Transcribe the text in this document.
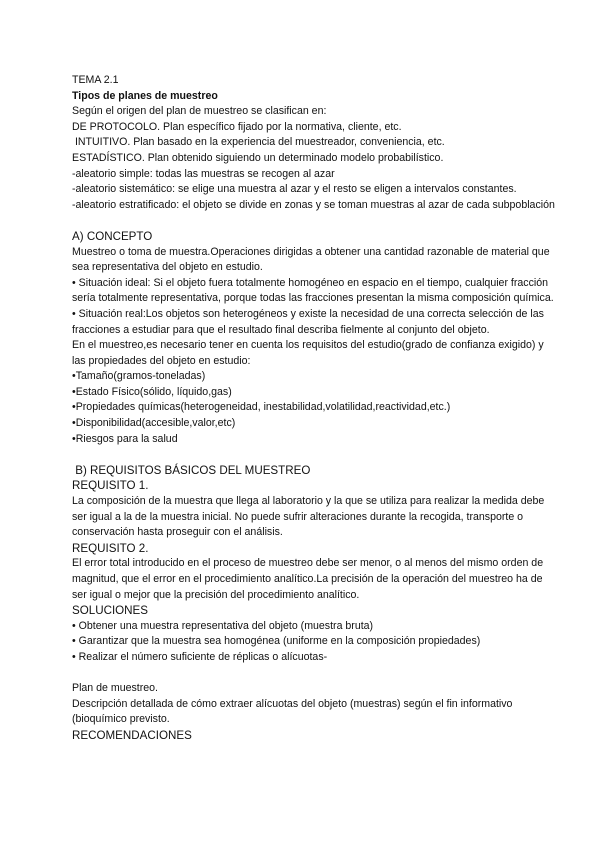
TEMA 2.1
Tipos de planes de muestreo
Según el origen del plan de muestreo se clasifican en:
DE PROTOCOLO. Plan específico fijado por la normativa, cliente, etc.
INTUITIVO. Plan basado en la experiencia del muestreador, conveniencia, etc.
ESTADÍSTICO. Plan obtenido siguiendo un determinado modelo probabilístico.
-aleatorio simple: todas las muestras se recogen al azar
-aleatorio sistemático: se elige una muestra al azar y el resto se eligen a intervalos constantes.
-aleatorio estratificado: el objeto se divide en zonas y se toman muestras al azar de cada subpoblación
A) CONCEPTO
Muestreo o toma de muestra.Operaciones dirigidas a obtener una cantidad razonable de material que sea representativa del objeto en estudio.
• Situación ideal: Si el objeto fuera totalmente homogéneo en espacio en el tiempo, cualquier fracción sería totalmente representativa, porque todas las fracciones presentan la misma composición química.
• Situación real:Los objetos son heterogéneos y existe la necesidad de una correcta selección de las fracciones a estudiar para que el resultado final describa fielmente al conjunto del objeto.
En el muestreo,es necesario tener en cuenta los requisitos del estudio(grado de confianza exigido) y las propiedades del objeto en estudio:
•Tamaño(gramos-toneladas)
•Estado Físico(sólido, líquido,gas)
•Propiedades químicas(heterogeneidad, inestabilidad,volatilidad,reactividad,etc.)
•Disponibilidad(accesible,valor,etc)
•Riesgos para la salud
B) REQUISITOS BÁSICOS DEL MUESTREO
REQUISITO 1.
La composición de la muestra que llega al laboratorio y la que se utiliza para realizar la medida debe ser igual a la de la muestra inicial. No puede sufrir alteraciones durante la recogida, transporte o conservación hasta proseguir con el análisis.
REQUISITO 2.
El error total introducido en el proceso de muestreo debe ser menor, o al menos del mismo orden de magnitud, que el error en el procedimiento analítico.La precisión de la operación del muestreo ha de ser igual o mejor que la precisión del procedimiento analítico.
SOLUCIONES
• Obtener una muestra representativa del objeto (muestra bruta)
• Garantizar que la muestra sea homogénea (uniforme en la composición propiedades)
• Realizar el número suficiente de réplicas o alícuotas-
Plan de muestreo.
Descripción detallada de cómo extraer alícuotas del objeto (muestras) según el fin informativo (bioquímico previsto.
RECOMENDACIONES
